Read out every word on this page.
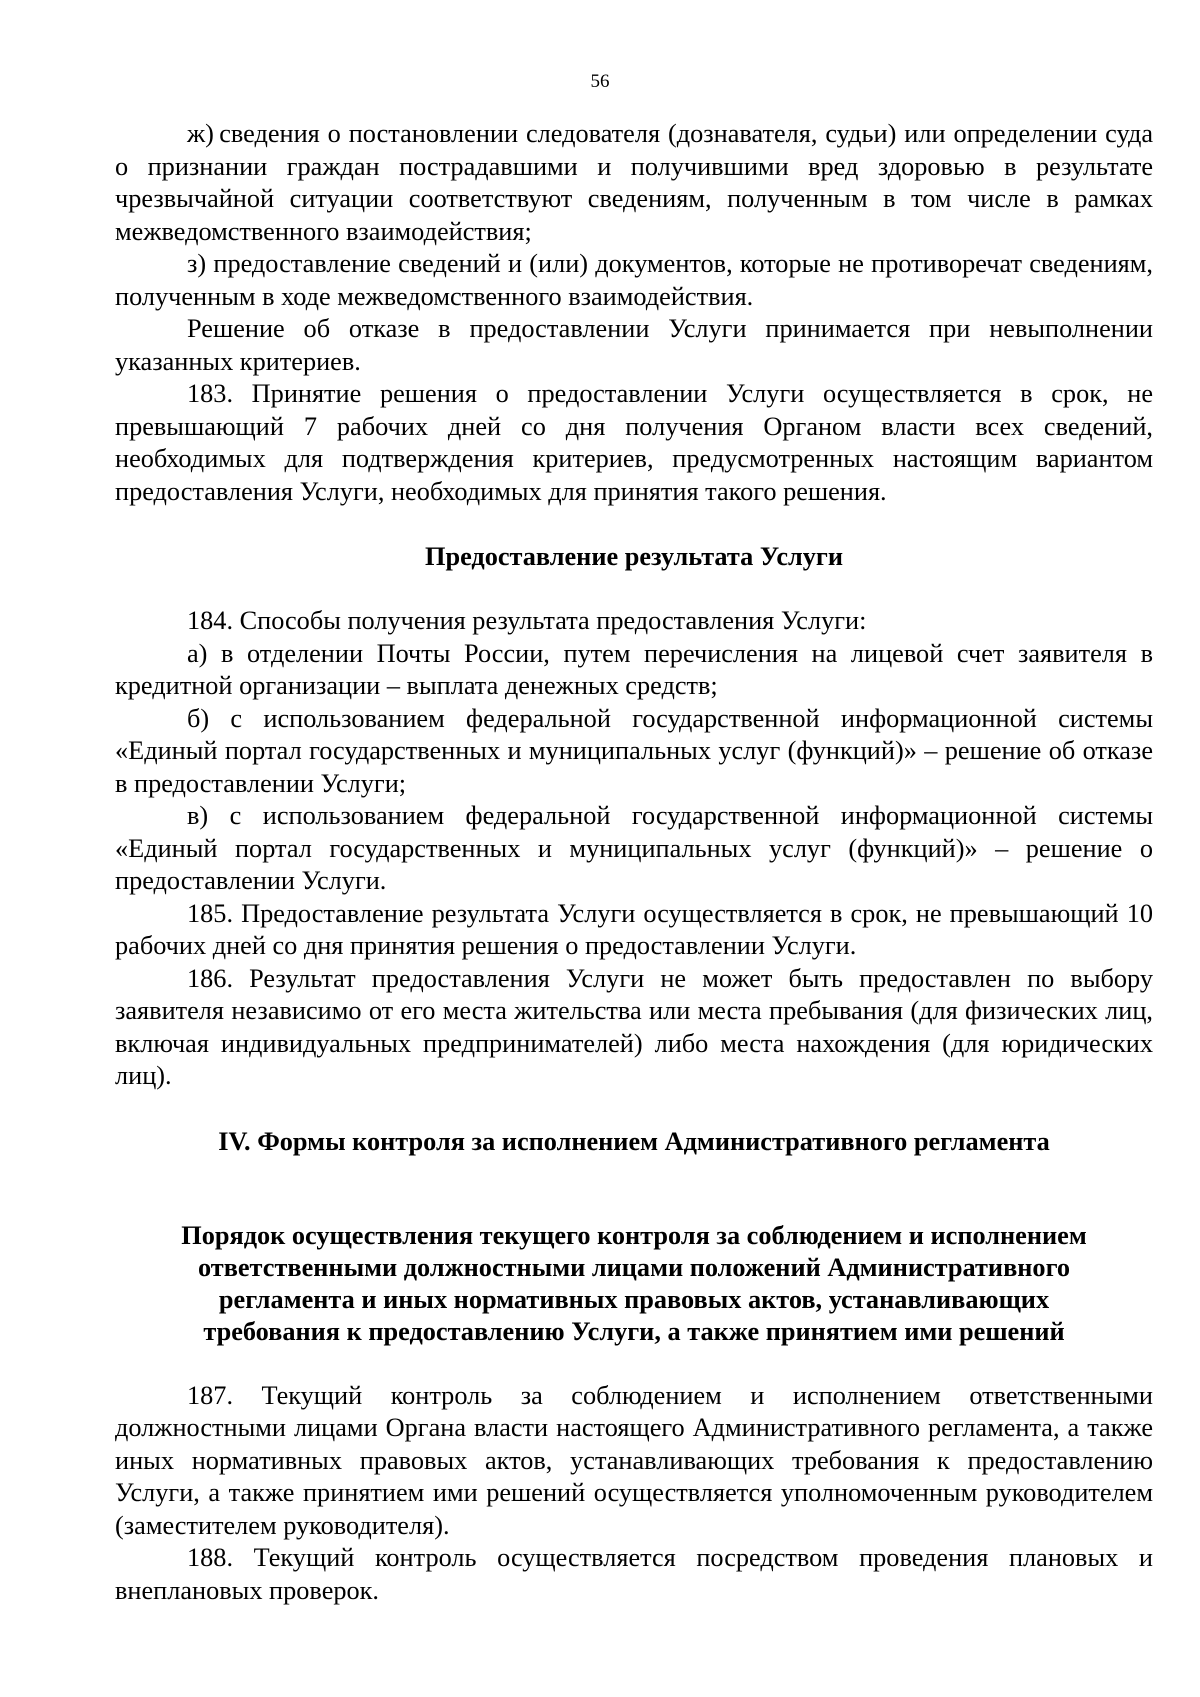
56

ж) сведения о постановлении следователя (дознавателя, судьи) или определении суда о признании граждан пострадавшими и получившими вред здоровью в результате чрезвычайной ситуации соответствуют сведениям, полученным в том числе в рамках межведомственного взаимодействия;

з) предоставление сведений и (или) документов, которые не противоречат сведениям, полученным в ходе межведомственного взаимодействия.

Решение об отказе в предоставлении Услуги принимается при невыполнении указанных критериев.

183. Принятие решения о предоставлении Услуги осуществляется в срок, не превышающий 7 рабочих дней со дня получения Органом власти всех сведений, необходимых для подтверждения критериев, предусмотренных настоящим вариантом предоставления Услуги, необходимых для принятия такого решения.

Предоставление результата Услуги

184. Способы получения результата предоставления Услуги:

а) в отделении Почты России, путем перечисления на лицевой счет заявителя в кредитной организации – выплата денежных средств;

б) с использованием федеральной государственной информационной системы «Единый портал государственных и муниципальных услуг (функций)» – решение об отказе в предоставлении Услуги;

в) с использованием федеральной государственной информационной системы «Единый портал государственных и муниципальных услуг (функций)» – решение о предоставлении Услуги.

185. Предоставление результата Услуги осуществляется в срок, не превышающий 10 рабочих дней со дня принятия решения о предоставлении Услуги.

186. Результат предоставления Услуги не может быть предоставлен по выбору заявителя независимо от его места жительства или места пребывания (для физических лиц, включая индивидуальных предпринимателей) либо места нахождения (для юридических лиц).

IV. Формы контроля за исполнением Административного регламента
Порядок осуществления текущего контроля за соблюдением и исполнением
ответственными должностными лицами положений Административного
регламента и иных нормативных правовых актов, устанавливающих
требования к предоставлению Услуги, а также принятием ими решений

187. Текущий контроль за соблюдением и исполнением ответственными должностными лицами Органа власти настоящего Административного регламента, а также иных нормативных правовых актов, устанавливающих требования к предоставлению Услуги, а также принятием ими решений осуществляется уполномоченным руководителем (заместителем руководителя).

188. Текущий контроль осуществляется посредством проведения плановых и внеплановых проверок.
